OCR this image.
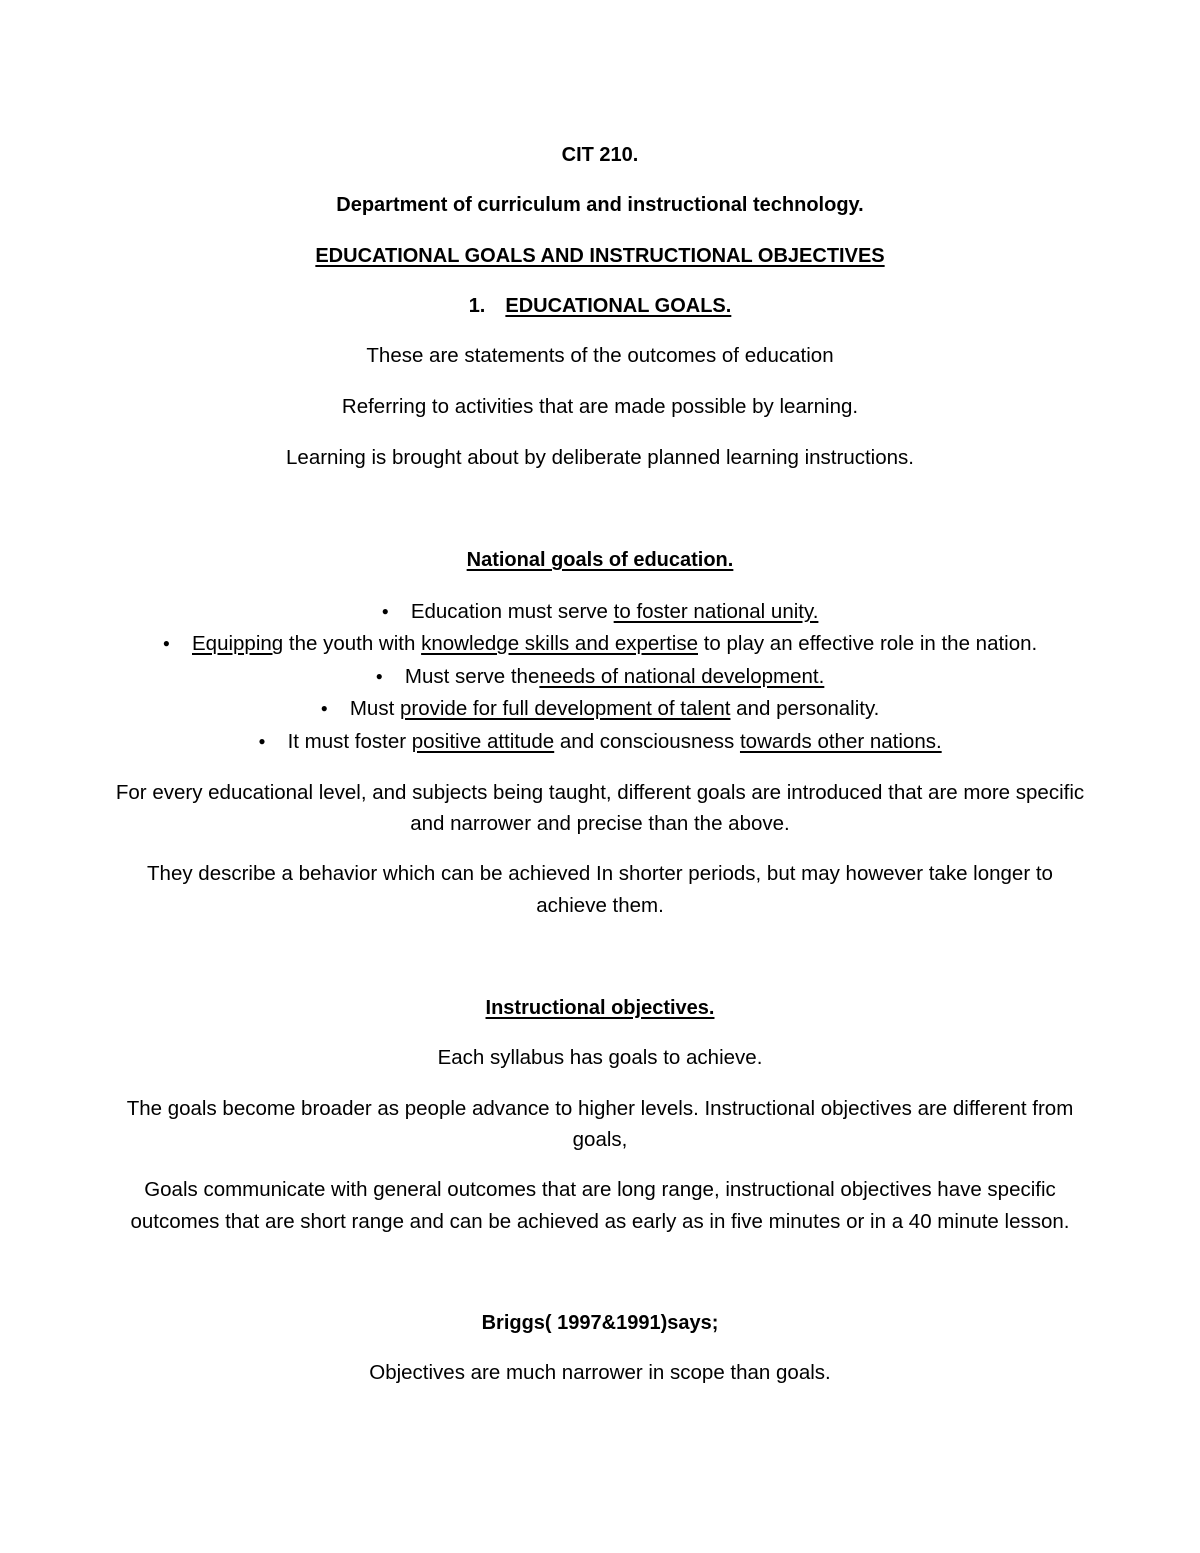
CIT 210.
Department of curriculum and instructional technology.
EDUCATIONAL GOALS AND INSTRUCTIONAL OBJECTIVES
1. EDUCATIONAL GOALS.
These are statements of the outcomes of education
Referring to activities that are made possible by learning.
Learning is brought about by deliberate planned learning instructions.
National goals of education.
● Education must serve to foster national unity.
● Equipping the youth with knowledge skills and expertise to play an effective role in the nation.
● Must serve theneeds of national development.
● Must provide for full development of talent and personality.
● It must foster positive attitude and consciousness towards other nations.
For every educational level, and subjects being taught, different goals are introduced that are more specific
and narrower and precise than the above.
They describe a behavior which can be achieved In shorter periods, but may however take longer to
achieve them.
Instructional objectives.
Each syllabus has goals to achieve.
The goals become broader as people advance to higher levels. Instructional objectives are different from
goals,
Goals communicate with general outcomes that are long range, instructional objectives have specific
outcomes that are short range and can be achieved as early as in five minutes or in a 40 minute lesson.
Briggs( 1997&1991)says;
Objectives are much narrower in scope than goals.
